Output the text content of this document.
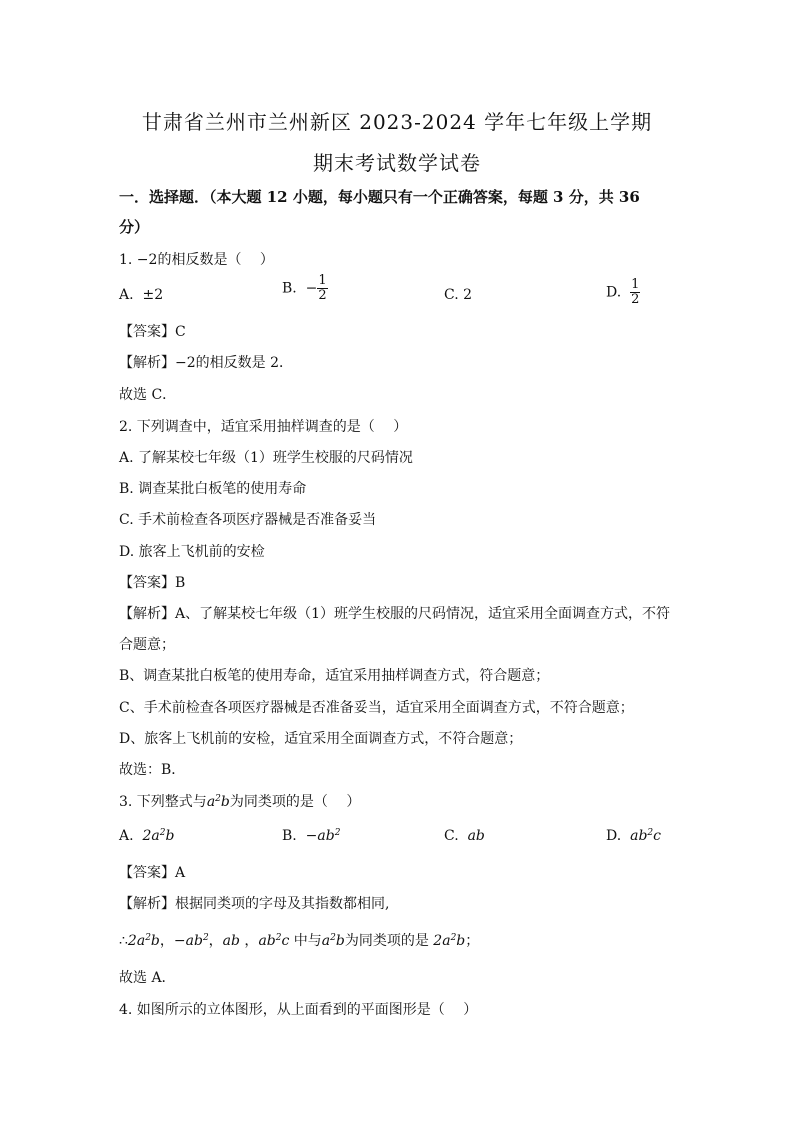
甘肃省兰州市兰州新区 2023-2024 学年七年级上学期
期末考试数学试卷
一．选择题．（本大题 12 小题，每小题只有一个正确答案，每题 3 分，共 36
分）
1. −2的相反数是（　 ）
A. ±2	B. − $\frac{1}{2}$	C. 2	D. $\frac{1}{2}$
【答案】C
【解析】−2的相反数是 2．
故选 C．
2. 下列调查中，适宜采用抽样调查的是（　 ）
A. 了解某校七年级（1）班学生校服的尺码情况
B. 调查某批白板笔的使用寿命
C. 手术前检查各项医疗器械是否准备妥当
D. 旅客上飞机前的安检
【答案】B
【解析】A、了解某校七年级（1）班学生校服的尺码情况，适宜采用全面调查方式，不符
合题意；
B、调查某批白板笔的使用寿命，适宜采用抽样调查方式，符合题意；
C、手术前检查各项医疗器械是否准备妥当，适宜采用全面调查方式，不符合题意；
D、旅客上飞机前的安检，适宜采用全面调查方式，不符合题意；
故选：B．
3. 下列整式与$a^2b$为同类项的是（　 ）
A. $2a^2b$	B. $-ab^2$	C. ab	D. $ab^2c$
【答案】A
【解析】根据同类项的字母及其指数都相同,
$\therefore 2a^2b$，$-ab^2$，ab ，$ab^2c$ 中与$a^2b$为同类项的是 $2a^2b$；
故选 A．
4. 如图所示的立体图形，从上面看到的平面图形是（　 ）
